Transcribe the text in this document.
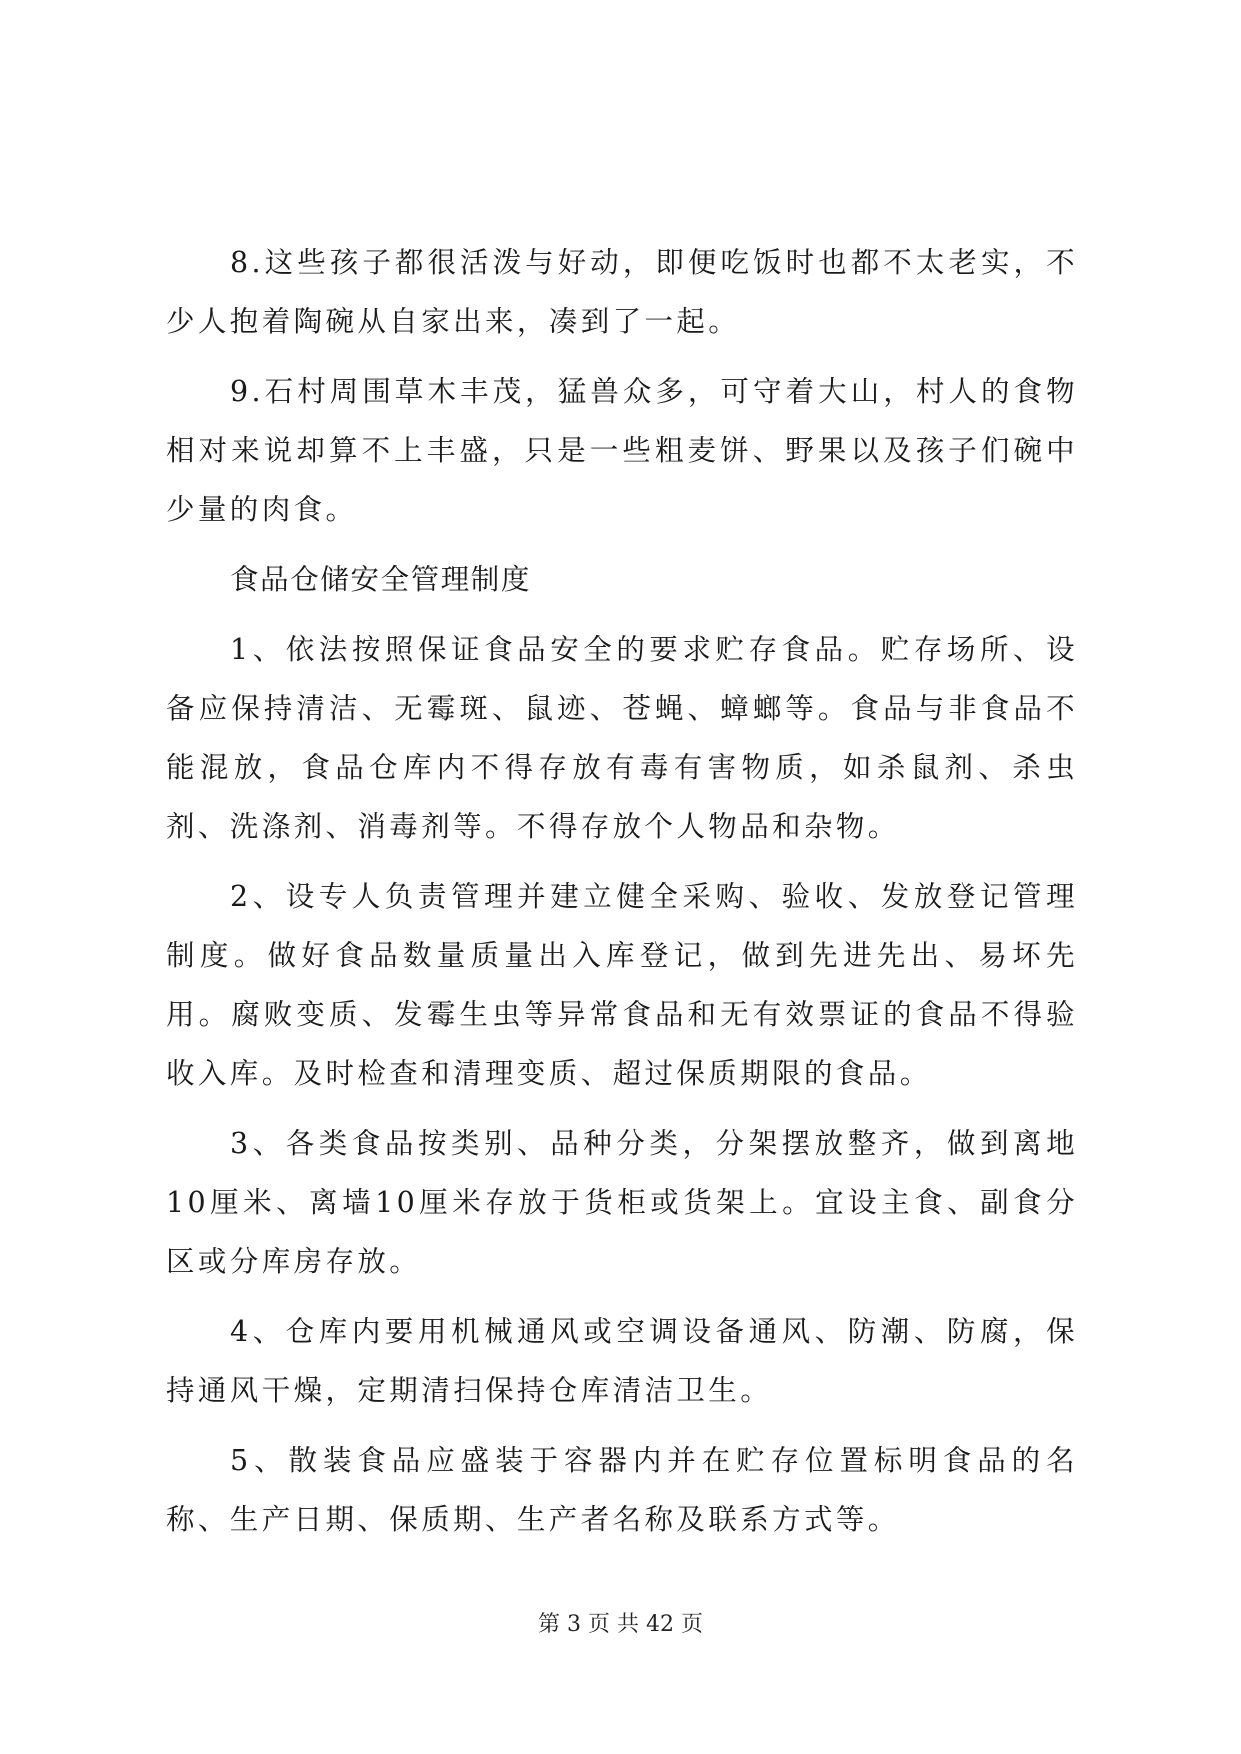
8.这些孩子都很活泼与好动，即便吃饭时也都不太老实，不少人抱着陶碗从自家出来，凑到了一起。

9.石村周围草木丰茂，猛兽众多，可守着大山，村人的食物相对来说却算不上丰盛，只是一些粗麦饼、野果以及孩子们碗中少量的肉食。

食品仓储安全管理制度

1、依法按照保证食品安全的要求贮存食品。贮存场所、设备应保持清洁、无霉斑、鼠迹、苍蝇、蟑螂等。食品与非食品不能混放，食品仓库内不得存放有毒有害物质，如杀鼠剂、杀虫剂、洗涤剂、消毒剂等。不得存放个人物品和杂物。

2、设专人负责管理并建立健全采购、验收、发放登记管理制度。做好食品数量质量出入库登记，做到先进先出、易坏先用。腐败变质、发霉生虫等异常食品和无有效票证的食品不得验收入库。及时检查和清理变质、超过保质期限的食品。

3、各类食品按类别、品种分类，分架摆放整齐，做到离地10厘米、离墙10厘米存放于货柜或货架上。宜设主食、副食分区或分库房存放。

4、仓库内要用机械通风或空调设备通风、防潮、防腐，保持通风干燥，定期清扫保持仓库清洁卫生。

5、散装食品应盛装于容器内并在贮存位置标明食品的名称、生产日期、保质期、生产者名称及联系方式等。

第 3 页 共 42 页
